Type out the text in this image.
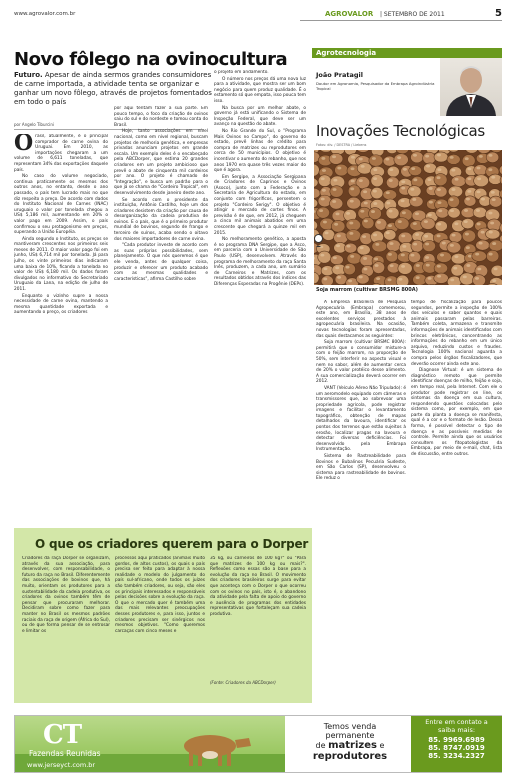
www.agrovalor.com.br	AGROVALOR | SETEMBRO DE 2011	5
Novo fôlego na ovinocultura
Futuro. Apesar de ainda sermos grandes consumidores de carne importada, a atividade tenta se organizar e ganhar um novo fôlego, através de projetos fomentados em todo o país
por Angelo Tiburcini

Orasil, atualmente, é o principal comprador de carne ovina do Uruguai. Em 2010, as importações chegaram a um volume de 6,611 toneladas, que representam 34% das exportações daquele país.

No caso do volume negociado, continua praticamente os mesmos dos outros anos, no entanto, desde o ano passado, o país tem lucrado mais no que diz respeito a preço. De acordo com dados do Instituto Nacional de Carnes (INAC) uruguaio o valor por tonelada chegou a US$ 5,186 mil, aumentando em 20% o valor pago em 2009. Assim, o país confirmou o seu protagonismo em preços, superando a União Européia.

Ainda segundo o Instituto, os preços se mantiveram crescentes nos primeiros seis meses de 2011. O maior valor pago foi em junho, US$ 6,714 mil por tonelada. Já para julho, os vinte primeiros dias indicaram uma baixa de 10%, ficando a tonelada no valor de US$ 6,180 mil. Os dados foram divulgados no informativo do Secretariado Uruguaio da Lana, na edição de julho de 2011.

Enquanto o vizinho supre a nossa necessidade de carne ovina, mantendo a mesma quantidade exportada e aumentando o preço, os criadores

por aqui tentam fazer a sua parte. Em pouco tempo, o foco da criação de ovinos saiu do sul e do nordeste e tomou conta do Brasil.

Hoje, tanto associações em nível nacional, como em nível regional, buscam projetos de melhoria genética, e empresas privadas anunciam projetos em grande escala. Um exemplo deles é o encabeçado pela ABCDorper, que estima 20 grandes criadores em um projeto ambicioso que prevê o abate de cinquenta mil cordeiros por ano. O projeto é chamado de "Integração", e busca um padrão para o que já se chama de "Cordeiro Tropical", em desenvolvimento desde janeiro deste ano.

Se acordo com o presidente da instituição, Antônio Castilho, hoje um dos criadores desistem da criação por causa de desorganização da cadeia produtiva de ovinos. E o país, que é o primeiro produtor mundial de bovinos, segundo de frango e terceiro de suínos, acaba sendo o oitavo dos maiores importadores de carne ovina.

"Cada produtor investe de acordo com as suas próprias possibilidades, sem planejamento. O que nós queremos é que ele venda, antes de qualquer coisa, produzir e oferecer um produto acabado com as mesmas qualidades e características", afirma Castilho sobre

o projeto em andamento.

O número nos preços dá uma nova luz para a atividade, que mostra ser um bom negócio para quem produz qualidade. É o estamento só que empata, isso pouca tem isso.

Na busca por um melhor abate, o governo já está unificando o Sistema de Inspeção Federal, que deve ser um avanço na questão do abate.

No Rio Grande do Sul, o "Programa Mais Ovinos no Campo", do governo do estado, prevê linhas de crédito para compra de matrizes ou reprodutores em cerca de 50 municípios. O objetivo é incentivar o aumento do rebanho, que nos anos 1970 era quase três vezes maior do que é agora.

Em Sergipe, a Associação Sergipana de Criadores de Caprinos e Ovinos (Asoco), junto com a Federação e a Secretaria de Agricultura do estado, em conjunto com frigoríficos, persentem o projeto "Cordeiro Serigy". O objetivo é atingir o mercado de cortes finos. A previsão é de que, em 2012, já cheguem a cinco mil animais abatidos em uma crescente que chegará a quinze mil em 2015.

No melhoramento genético, a aposta é no programa DNA Sergipe, que a Asco, em parceria com a Universidade de São Paulo (USP), desenvolvem. Através do programa de melhoramento da raça Santa Inês, produzem, a cada ano, um sumário de Carneiros e Matrizes, com os resultados obtidos através dos índices das Diferenças Esperadas na Progênie (DEPs).

Agrotecnologia
João Pratagil
Doutor em Agronomia, Pesquisador da Embrapa Agroindústria Tropical
Inovações Tecnológicas
Fotos: div. / DESTRA / Liebens
Soja marrom (cultivar BRSMG 800A)

A Empresa Brasileira de Pesquisa Agropecuária (Embrapa) comemorou, este ano, em Brasília, 38 anos de excelentes serviços prestados à agropecuária brasileira. Na ocasião, novas tecnologias foram apresentadas, das quais destacamos as seguintes:

Soja marrom (cultivar BRSMC 800A): permitirá que o consumidor misture-a com o feijão marrom, na proporção de 50%, sem interferir no aspecto visual e nem no sabor, além de aumentar cerca de 20% o valor protéico desse alimento. A sua comercialização deverá ocorrer em 2012.

VANT (Veículo Aéreo Não Tripulado): é um aeromodelo equipado com câmeras e transmissores que, ao sobrevoar uma propriedade agrícola, pode registrar imagens e facilitar o levantamento topográfico, obtenção de mapas detalhados da lavoura, identificar os pontos dos terrenos que estão sujeitos à erosão, localizar pragas na lavoura e detectar diversas deficiências. Foi desenvolvido pela Embrapa Instrumentação.

Sistema de Rastreabilidade para Bovinos e Bubalinos Pecuária Sudeste, em São Carlos (SP), desenvolveu o sistema para rastreabilidade de bovinos. Ele reduz o

tempo de fiscalização para poucos segundos, permite a inspeção de 100% dos veículos e saber quantos e quais animais passaram pelas barreiras. Também coleta, armazena e transmite informações de animais identificados com brincos eletrônicos, concentrando as informações do rebanho em um único arquivo, reduzindo custos e fraudes. Tecnologia 100% nacional aguarda a compra pelos órgãos fiscalizadores, que deverão ocorrer ainda este ano.

Diagnose Virtual: é um sistema de diagnóstico remoto que permite identificar doenças de milho, feijão e soja, em tempo real, pela Internet. Com ele o produtor pode registrar on line, os sintomas da doença em sua cultura, respondendo questões colocadas pelo sistema como, por exemplo, em que parte da planta a doença se manifesta, qual é a cor e o formato de lesão. Dessa forma, é possível detectar o tipo de doença e as possíveis medidas de controle. Permite ainda que os usuários consultem os fitopatologistas da Embrapa, por meio de e-mail, chat, lista de discussão, entre outros.

O que os criadores querem para o Dorper
Criadores da raça Dorper se organizam, através da sua associação, para desenvolver, com responsabilidade, o futuro da raça no Brasil. Diferentemente das associações de bovinos que, há muito, orientam os produtores para a sustentabilidade da cadeia produtiva, os criadores da ovinos também têm de pensar que procuraram melhorar. Decidiram sobre como fazer para manter no Brasil os mesmos padrões raciais da raça de origem (África do Sul), ou de que forma pensar de se entrosar e limitar os
processos aqui praticados (animais muito gordos, de altos custos), os quais o país precisa ser feito para adaptar à nossa realidade o modelo do julgamento do país sul-africano, onde todos os juízes são também criadores, ou seja, são eles os principais interessados e responsáveis pelas decisões sobre a evolução da raça. O que o mercado quer é também uma das mais relevantes preocupações desses produtores e, para isso, juntos e criadores precisam ser sinérgicos nos mesmos objetivos. "Como queremos carcaças com cinco meses e
35 kg, ou carneiros de 100 kg?" ou "Para que matrizes de 100 kg ou mais?". Reflexões como essas são a base para a evolução da raça no Brasil. O movimento dos criadores brasileiros surge para evitar que aconteça com o Dorper o que ocorreu com os ovinos no país, isto é, o abandono da atividade pela falta de apoio do governo e ausência de programas dos entidades representativas que fortaleçam sua cadeia produtiva.
(Fonte: Criadores da ABCDorper)
CT
Fazendas Reunidas
www.jerseyct.com.br
Temos venda
permanente
de matrizes e
reprodutores
Entre em contato a saiba mais:
85. 9969.6989
85. 8747.0919
85. 3234.2327
